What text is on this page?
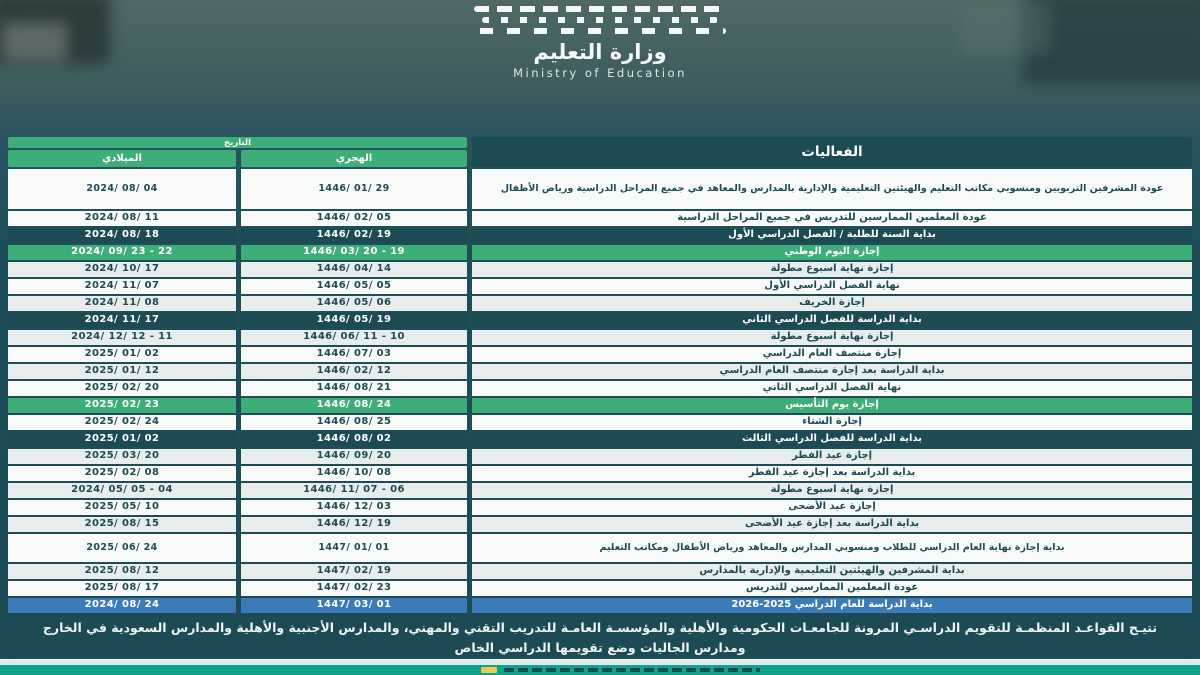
وزارة التعليم
Ministry of Education
الفعاليات
التاريخ
الهجري
الميلادي
عودة المشرفين التربويين ومنسوبي مكاتب التعليم والهيئتين التعليمية والإدارية بالمدارس والمعاهد في جميع المراحل الدراسية ورياض الأطفال
عودة المعلمين الممارسين للتدريس في جميع المراحل الدراسية
بداية السنة للطلبة / الفصل الدراسي الأول
إجازة اليوم الوطني
إجازة نهاية اسبوع مطولة
نهاية الفصل الدراسي الأول
إجازة الخريف
بداية الدراسة للفصل الدراسي الثاني
إجازة نهاية اسبوع مطولة
إجازة منتصف العام الدراسي
بداية الدراسة بعد إجازة منتصف العام الدراسي
نهاية الفصل الدراسي الثاني
إجازة يوم التأسيس
إجازة الشتاء
بداية الدراسة للفصل الدراسي الثالث
إجازة عيد الفطر
بداية الدراسة بعد إجازة عيد الفطر
إجازة نهاية اسبوع مطولة
إجازة عيد الأضحى
بداية الدراسة بعد إجازة عيد الأضحى
بداية إجازة نهاية العام الدراسي للطلاب ومنسوبي المدارس والمعاهد ورياض الأطفال ومكاتب التعليم
بداية المشرفين والهيئتين التعليمية والإدارية بالمدارس
عودة المعلمين الممارسين للتدريس
بداية الدراسة للعام الدراسي 2025-2026
1446/ 01/ 29
1446/ 02/ 05
1446/ 02/ 19
1446/ 03/ 20 - 19
1446/ 04/ 14
1446/ 05/ 05
1446/ 05/ 06
1446/ 05/ 19
1446/ 06/ 11 - 10
1446/ 07/ 03
1446/ 02/ 12
1446/ 08/ 21
1446/ 08/ 24
1446/ 08/ 25
1446/ 08/ 02
1446/ 09/ 20
1446/ 10/ 08
1446/ 11/ 07 - 06
1446/ 12/ 03
1446/ 12/ 19
1447/ 01/ 01
1447/ 02/ 19
1447/ 02/ 23
1447/ 03/ 01
2024/ 08/ 04
2024/ 08/ 11
2024/ 08/ 18
2024/ 09/ 23 - 22
2024/ 10/ 17
2024/ 11/ 07
2024/ 11/ 08
2024/ 11/ 17
2024/ 12/ 12 - 11
2025/ 01/ 02
2025/ 01/ 12
2025/ 02/ 20
2025/ 02/ 23
2025/ 02/ 24
2025/ 01/ 02
2025/ 03/ 20
2025/ 02/ 08
2024/ 05/ 05 - 04
2025/ 05/ 10
2025/ 08/ 15
2025/ 06/ 24
2025/ 08/ 12
2025/ 08/ 17
2024/ 08/ 24
تتيـح القواعـد المنظمـة للتقويم الدراسـي المرونة للجامعـات الحكومية والأهلية والمؤسسـة العامـة للتدريب التقني والمهني، والمدارس الأجنبية والأهلية والمدارس السعودية في الخارج ومدارس الجاليات وضع تقويمها الدراسي الخاص
